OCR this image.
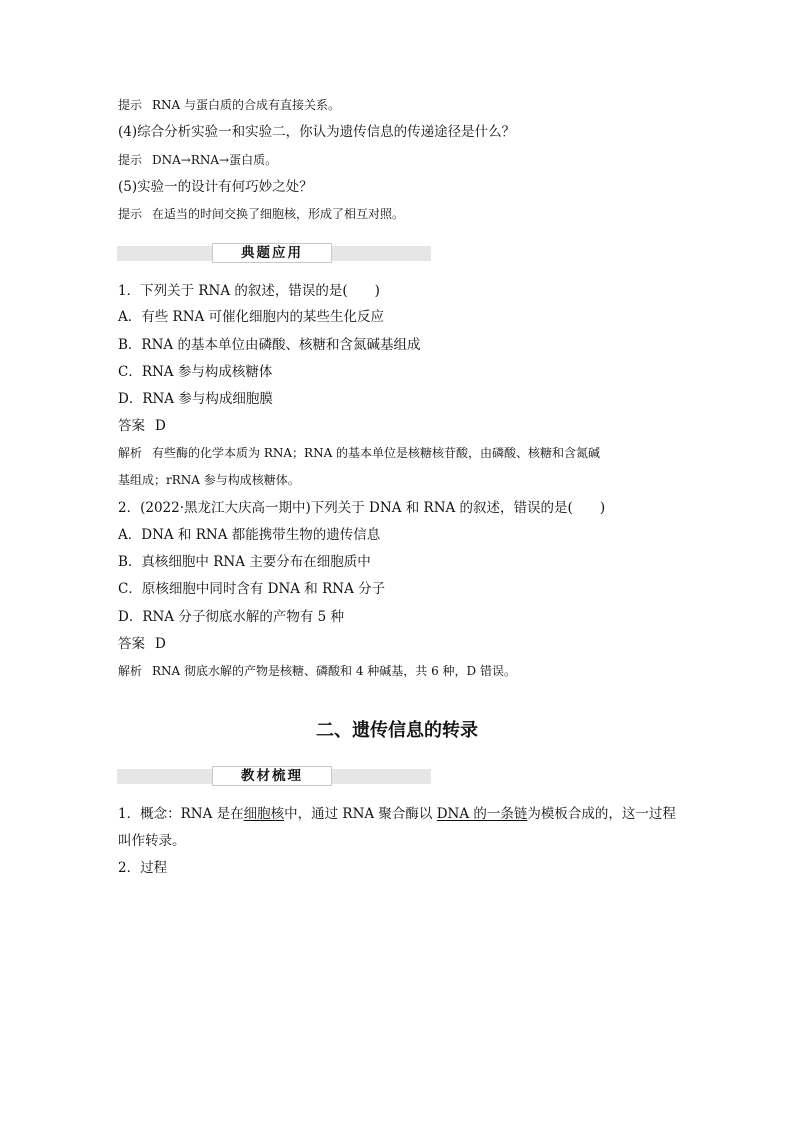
提示 RNA 与蛋白质的合成有直接关系。
(4)综合分析实验一和实验二，你认为遗传信息的传递途径是什么？
提示 DNA→RNA→蛋白质。
(5)实验一的设计有何巧妙之处？
提示 在适当的时间交换了细胞核，形成了相互对照。
典题应用
1．下列关于 RNA 的叙述，错误的是(　　)
A．有些 RNA 可催化细胞内的某些生化反应
B．RNA 的基本单位由磷酸、核糖和含氮碱基组成
C．RNA 参与构成核糖体
D．RNA 参与构成细胞膜
答案 D
解析 有些酶的化学本质为 RNA；RNA 的基本单位是核糖核苷酸，由磷酸、核糖和含氮碱
基组成；rRNA 参与构成核糖体。
2．(2022·黑龙江大庆高一期中)下列关于 DNA 和 RNA 的叙述，错误的是(　　)
A．DNA 和 RNA 都能携带生物的遗传信息
B．真核细胞中 RNA 主要分布在细胞质中
C．原核细胞中同时含有 DNA 和 RNA 分子
D．RNA 分子彻底水解的产物有 5 种
答案 D
解析 RNA 彻底水解的产物是核糖、磷酸和 4 种碱基，共 6 种，D 错误。
二、遗传信息的转录
教材梳理
1．概念：RNA 是在细胞核中，通过 RNA 聚合酶以 DNA 的一条链为模板合成的，这一过程
叫作转录。
2．过程
